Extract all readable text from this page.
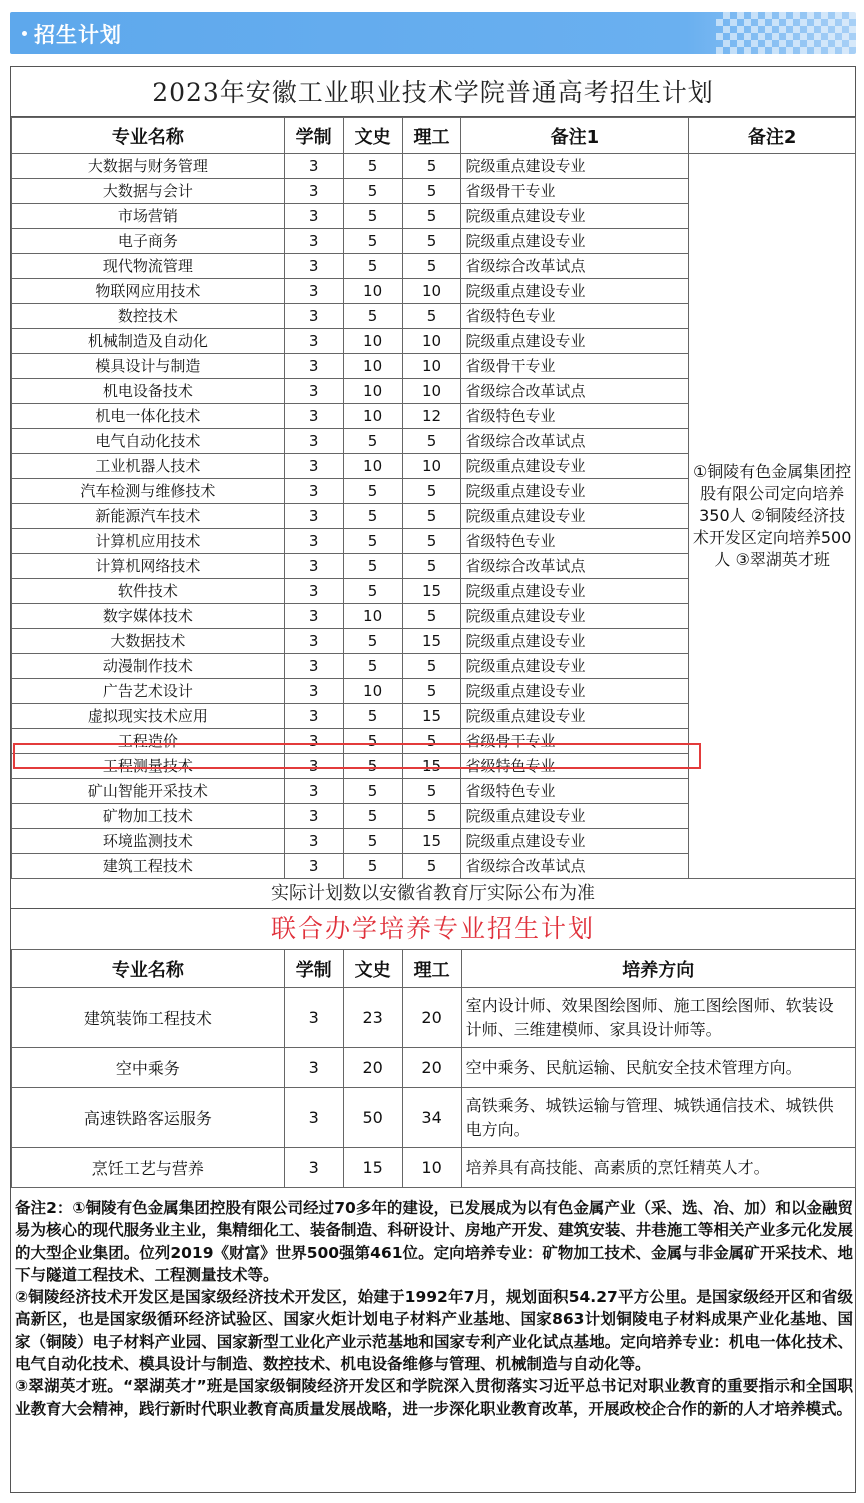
招生计划
2023年安徽工业职业技术学院普通高考招生计划
专业名称	学制	文史	理工	备注1	备注2
大数据与财务管理	3	5	5	院级重点建设专业	①铜陵有色金属集团控股有限公司定向培养350人 ②铜陵经济技术开发区定向培养500人 ③翠湖英才班
大数据与会计	3	5	5	省级骨干专业	
市场营销	3	5	5	院级重点建设专业	
电子商务	3	5	5	院级重点建设专业	
现代物流管理	3	5	5	省级综合改革试点	
物联网应用技术	3	10	10	院级重点建设专业	
数控技术	3	5	5	省级特色专业	
机械制造及自动化	3	10	10	院级重点建设专业	
模具设计与制造	3	10	10	省级骨干专业	
机电设备技术	3	10	10	省级综合改革试点	
机电一体化技术	3	10	12	省级特色专业	
电气自动化技术	3	5	5	省级综合改革试点	
工业机器人技术	3	10	10	院级重点建设专业	
汽车检测与维修技术	3	5	5	院级重点建设专业	
新能源汽车技术	3	5	5	院级重点建设专业	
计算机应用技术	3	5	5	省级特色专业	
计算机网络技术	3	5	5	省级综合改革试点	
软件技术	3	5	15	院级重点建设专业	
数字媒体技术	3	10	5	院级重点建设专业	
大数据技术	3	5	15	院级重点建设专业	
动漫制作技术	3	5	5	院级重点建设专业	
广告艺术设计	3	10	5	院级重点建设专业	
虚拟现实技术应用	3	5	15	院级重点建设专业	
工程造价	3	5	5	省级骨干专业	
工程测量技术	3	5	15	省级特色专业	
矿山智能开采技术	3	5	5	省级特色专业	
矿物加工技术	3	5	5	院级重点建设专业	
环境监测技术	3	5	15	院级重点建设专业	
建筑工程技术	3	5	5	省级综合改革试点	
实际计划数以安徽省教育厅实际公布为准
联合办学培养专业招生计划
专业名称	学制	文史	理工	培养方向
建筑装饰工程技术	3	23	20	室内设计师、效果图绘图师、施工图绘图师、软装设计师、三维建模师、家具设计师等。
空中乘务	3	20	20	空中乘务、民航运输、民航安全技术管理方向。
高速铁路客运服务	3	50	34	高铁乘务、城铁运输与管理、城铁通信技术、城铁供电方向。
烹饪工艺与营养	3	15	10	培养具有高技能、高素质的烹饪精英人才。

备注2：①铜陵有色金属集团控股有限公司经过70多年的建设，已发展成为以有色金属产业（采、选、冶、加）和以金融贸易为核心的现代服务业主业，集精细化工、装备制造、科研设计、房地产开发、建筑安装、井巷施工等相关产业多元化发展的大型企业集团。位列2019《财富》世界500强第461位。定向培养专业：矿物加工技术、金属与非金属矿开采技术、地下与隧道工程技术、工程测量技术等。

②铜陵经济技术开发区是国家级经济技术开发区，始建于1992年7月，规划面积54.27平方公里。是国家级经开区和省级高新区，也是国家级循环经济试验区、国家火炬计划电子材料产业基地、国家863计划铜陵电子材料成果产业化基地、国家（铜陵）电子材料产业园、国家新型工业化产业示范基地和国家专利产业化试点基地。定向培养专业：机电一体化技术、电气自动化技术、模具设计与制造、数控技术、机电设备维修与管理、机械制造与自动化等。

③翠湖英才班。“翠湖英才”班是国家级铜陵经济开发区和学院深入贯彻落实习近平总书记对职业教育的重要指示和全国职业教育大会精神，践行新时代职业教育高质量发展战略，进一步深化职业教育改革，开展政校企合作的新的人才培养模式。
